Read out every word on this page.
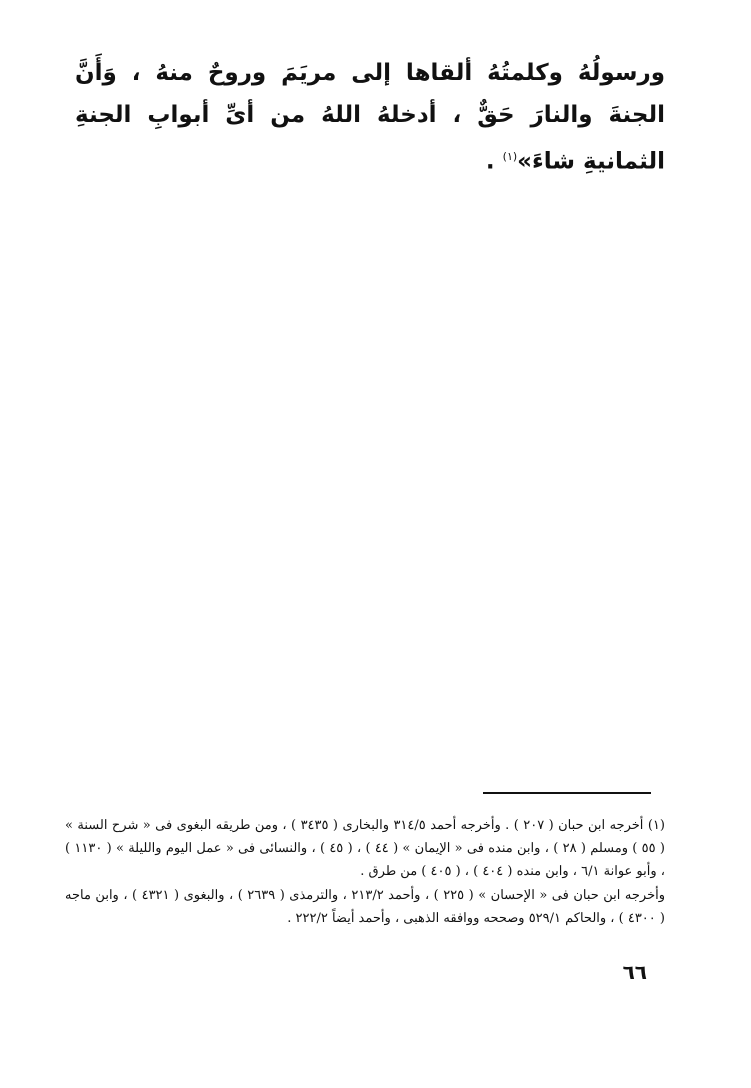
ورسولُهُ وكلمتُهُ ألقاها إلى مريَمَ وروحٌ منهُ ، وَأَنَّ الجنةَ والنارَ حَقٌّ ، أدخلهُ اللهُ من أىِّ أبوابِ الجنةِ الثمانيةِ شاءَ»$^{(١)}$ .

(١) أخرجه ابن حبان ( ٢٠٧ ) . وأخرجه أحمد ٣١٤/٥ والبخارى ( ٣٤٣٥ ) ، ومن طريقه البغوى فى « شرح السنة » ( ٥٥ ) ومسلم ( ٢٨ ) ، وابن منده فى « الإيمان » ( ٤٤ ) ، ( ٤٥ ) ، والنسائى فى « عمل اليوم والليلة » ( ١١٣٠ ) ، وأبو عوانة ٦/١ ، وابن منده ( ٤٠٤ ) ، ( ٤٠٥ ) من طرق .

وأخرجه ابن حبان فى « الإحسان » ( ٢٢٥ ) ، وأحمد ٢١٣/٢ ، والترمذى ( ٢٦٣٩ ) ، والبغوى ( ٤٣٢١ ) ، وابن ماجه ( ٤٣٠٠ ) ، والحاكم ٥٢٩/١ وصححه ووافقه الذهبى ، وأحمد أيضاً ٢٢٢/٢ .

٦٦
